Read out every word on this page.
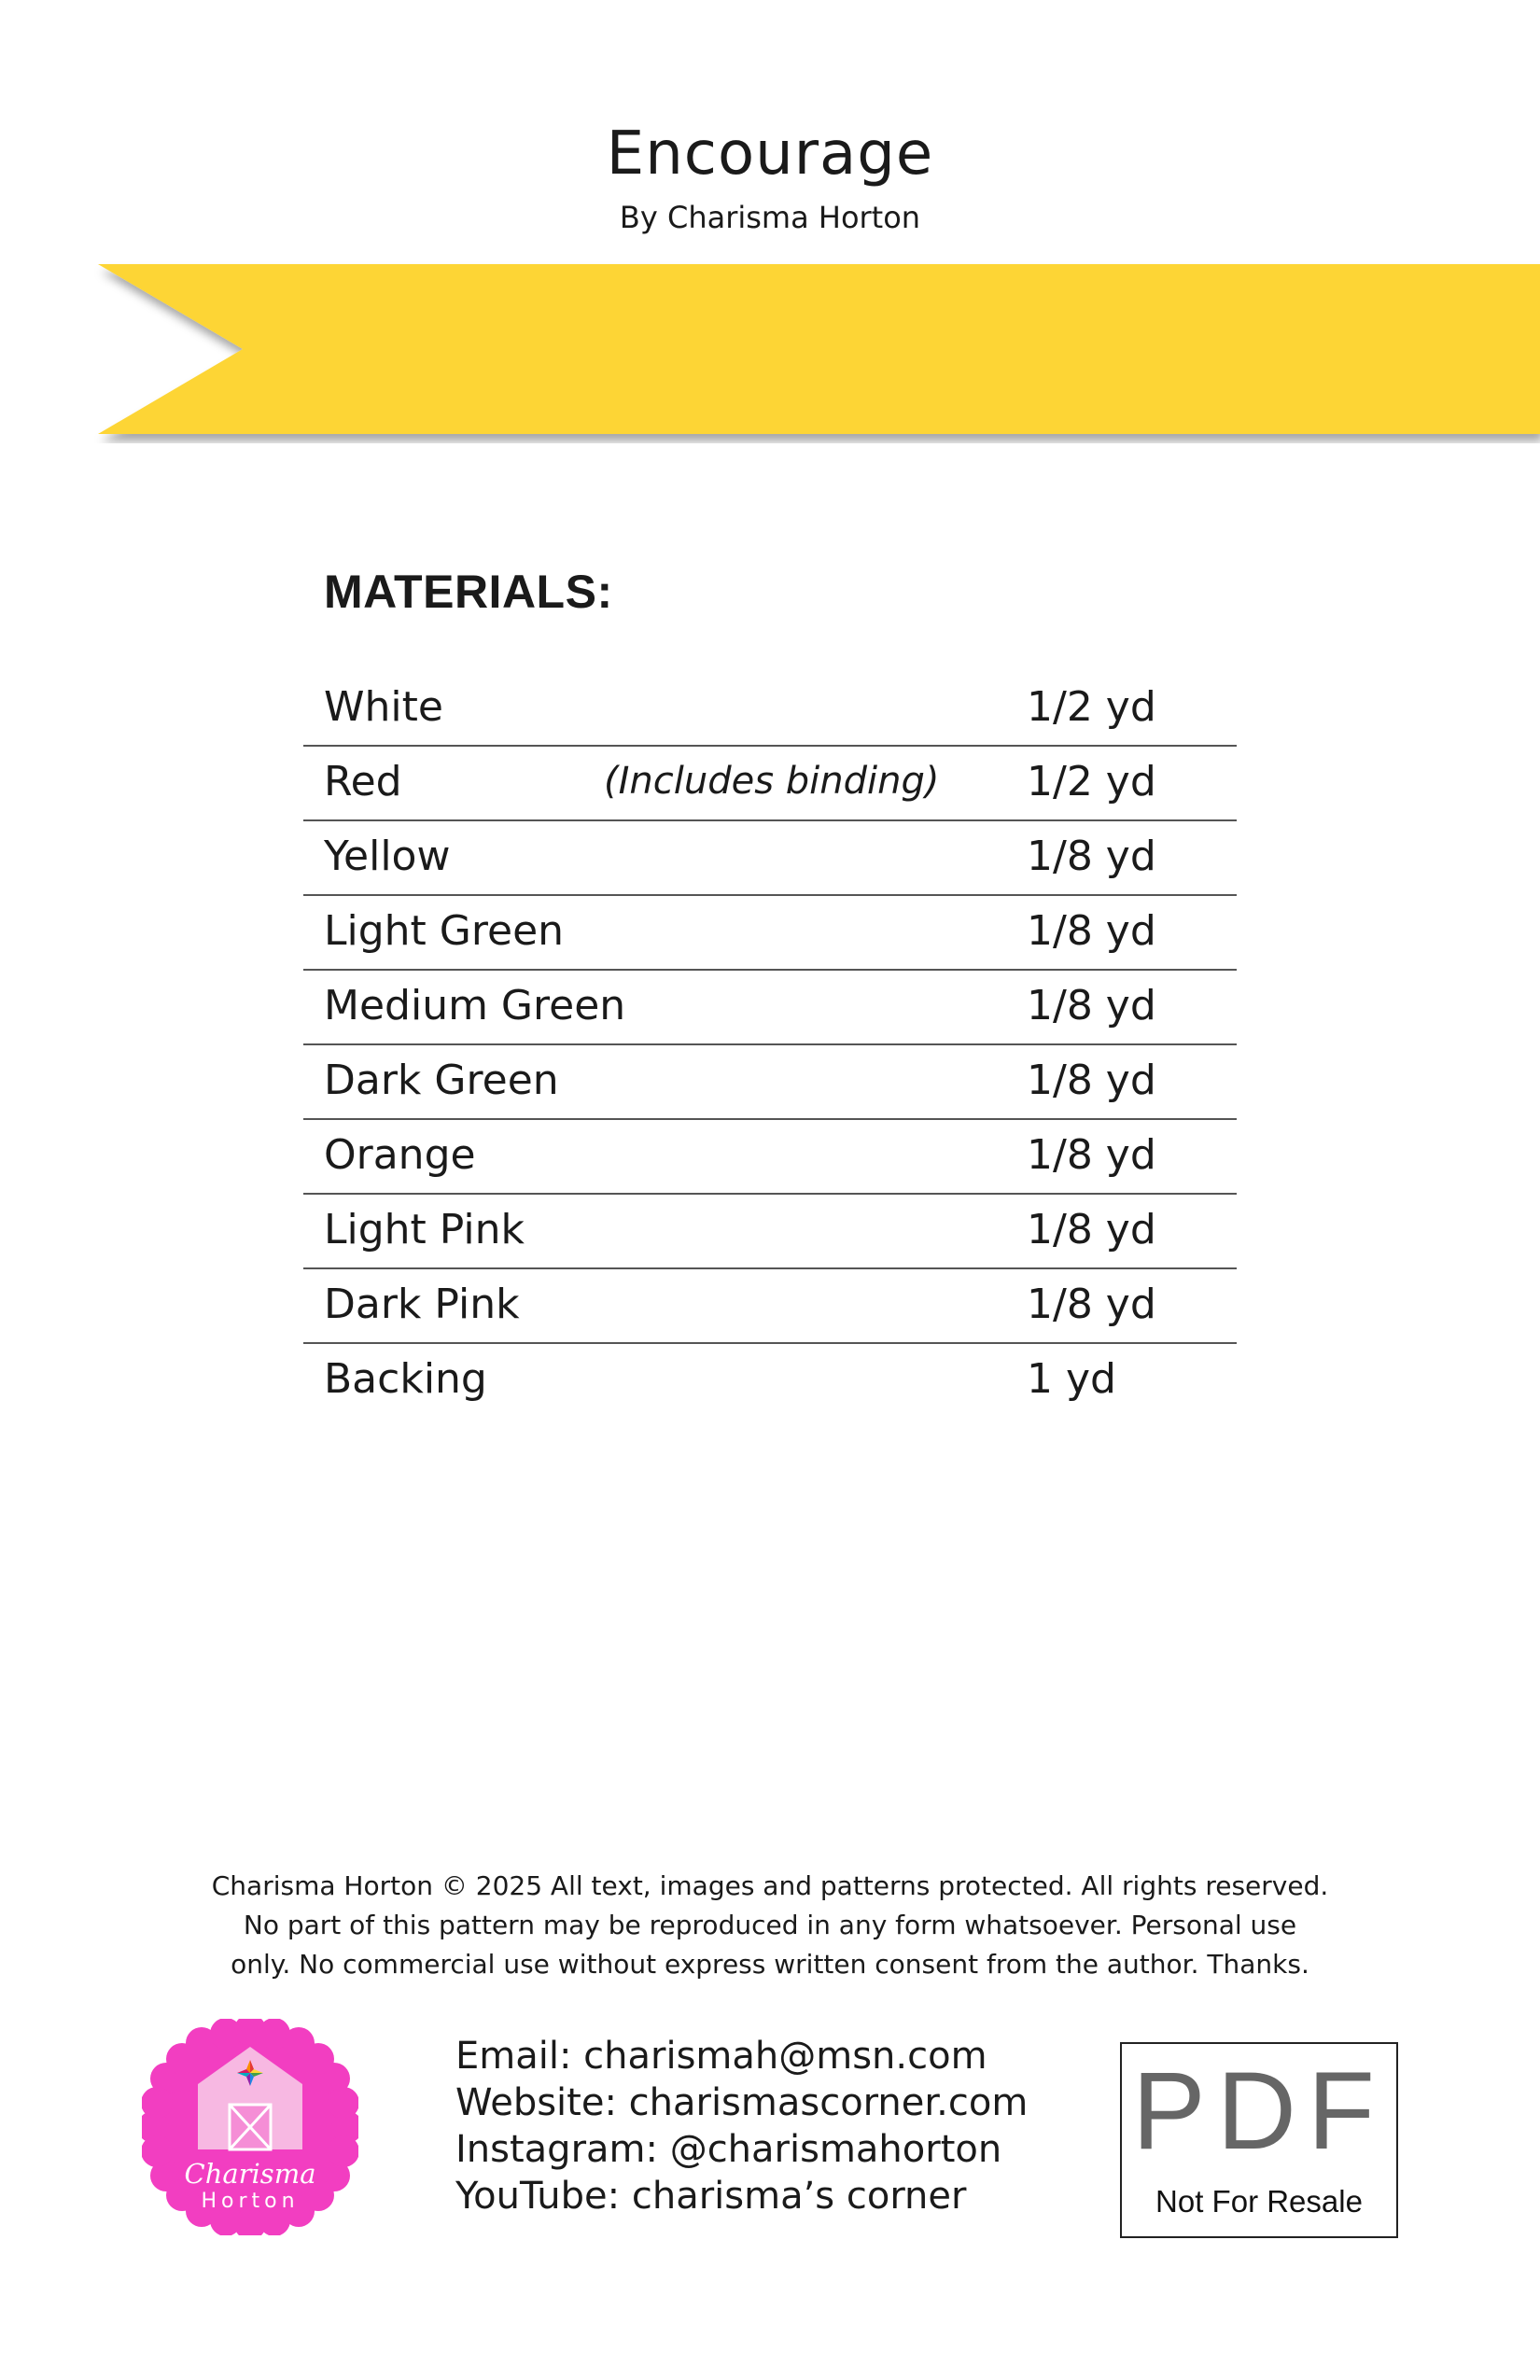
Encourage
By Charisma Horton
MATERIALS:
White	1/2 yd
Red	(Includes binding) 1/2 yd
Yellow	1/8 yd
Light Green	1/8 yd
Medium Green	1/8 yd
Dark Green	1/8 yd
Orange	1/8 yd
Light Pink	1/8 yd
Dark Pink	1/8 yd
Backing	1 yd
Charisma Horton © 2025 All text, images and patterns protected. All rights reserved.
No part of this pattern may be reproduced in any form whatsoever. Personal use
only. No commercial use without express written consent from the author. Thanks.
Charisma
Horton
Email: charismah@msn.com
Website: charismascorner.com
Instagram: @charismahorton
YouTube: charisma’s corner
PDF
Not For Resale
